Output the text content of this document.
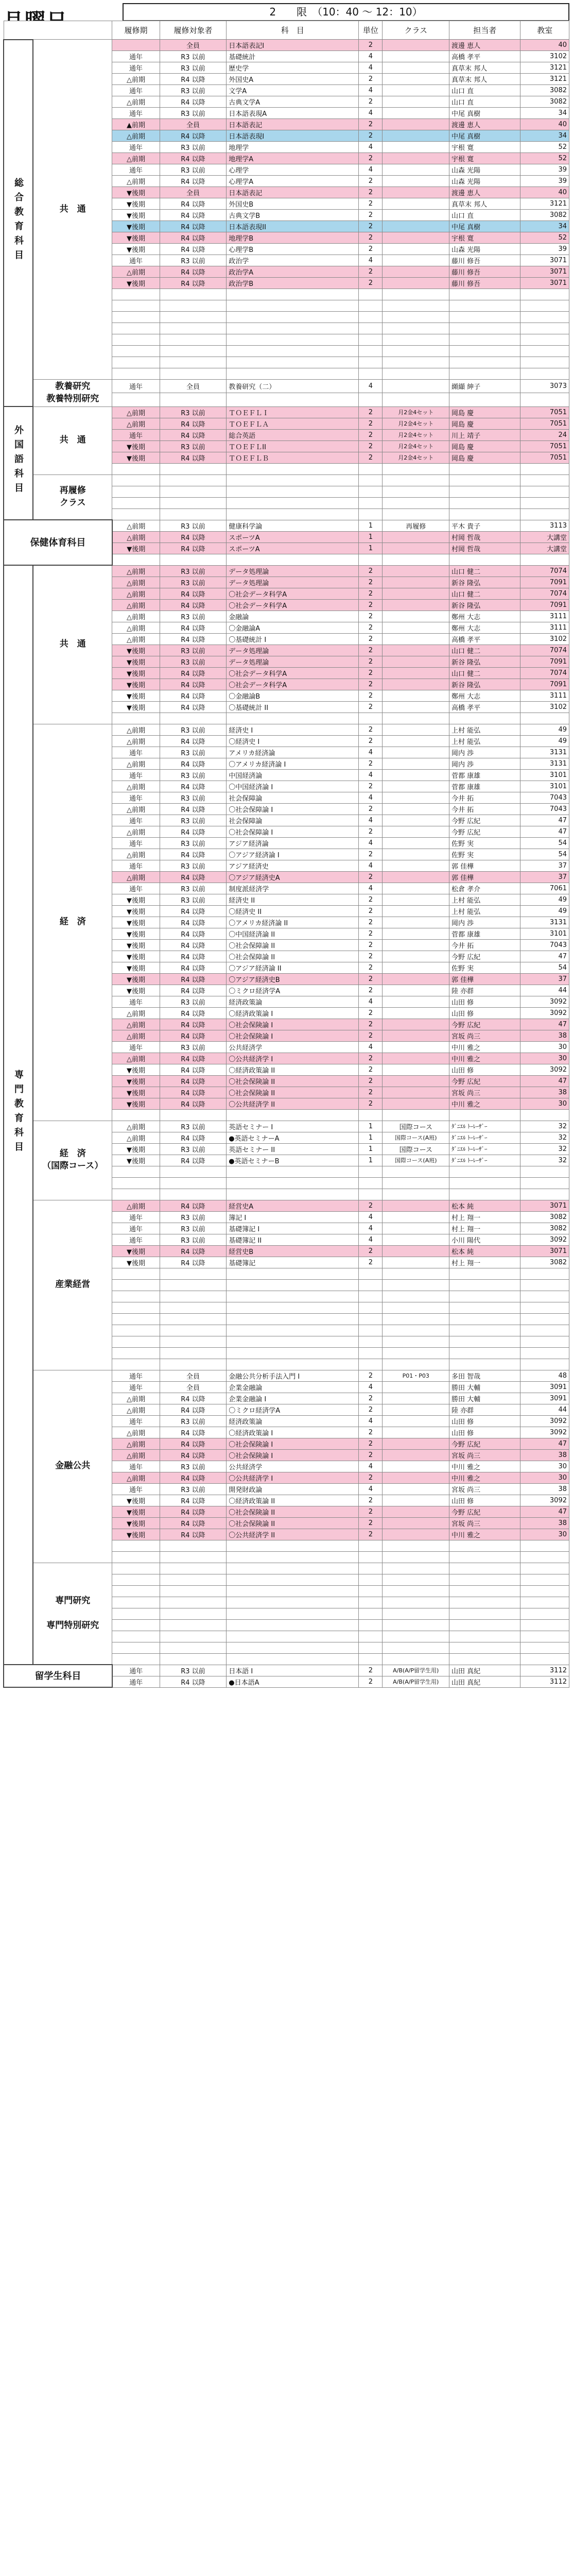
2　　限　（10：40 ～ 12：10）
		履修期	履修対象者	科　目	単位	クラス	担当者	教室
総合教育科目	共　通		全員	日本語表記I	2		渡邊 恵人	40
		通年	R3 以前	基礎統計	4		高橋 孝平	3102
		通年	R3 以前	歴史学	4		真草末 邦人	3121
		△前期	R4 以降	外国史A	2		真草末 邦人	3121
		通年	R3 以前	文学A	4		山口 直	3082
		△前期	R4 以降	古典文学A	2		山口 直	3082
		通年	R3 以前	日本語表現A	4		中尾 真樹	34
		▲前期	全員	日本語表記	2		渡邊 恵人	40
		△前期	R4 以降	日本語表現I	2		中尾 真樹	34
		通年	R3 以前	地理学	4		宇根 寛	52
		△前期	R4 以降	地理学A	2		宇根 寛	52
		通年	R3 以前	心理学	4		山森 光陽	39
		△前期	R4 以降	心理学A	2		山森 光陽	39
		▼後期	全員	日本語表記	2		渡邊 恵人	40
		▼後期	R4 以降	外国史B	2		真草末 邦人	3121
		▼後期	R4 以降	古典文学B	2		山口 直	3082
		▼後期	R4 以降	日本語表現II	2		中尾 真樹	34
		▼後期	R4 以降	地理学B	2		宇根 寛	52
		▼後期	R4 以降	心理学B	2		山森 光陽	39
		通年	R3 以前	政治学	4		藤川 修吾	3071
		△前期	R4 以降	政治学A	2		藤川 修吾	3071
		▼後期	R4 以降	政治学B	2		藤川 修吾	3071

	教養研究
教養特別研究	通年	全員	教養研究（二）	4		纐纈 紳子	3073

外国語科目	共　通	△前期	R3 以前	ＴＯＥＦＬＩ	2	月2金4セット	岡島 慶	7051
		△前期	R4 以降	ＴＯＥＦＬＡ	2	月2金4セット	岡島 慶	7051
		通年	R4 以降	総合英語	2	月2金4セット	川上 靖子	24
		▼後期	R3 以前	ＴＯＥＦＬII	2	月2金4セット	岡島 慶	7051
		▼後期	R4 以降	ＴＯＥＦＬＢ	2	月2金4セット	岡島 慶	7051

	再履修
クラス							

保健体育科目		△前期	R3 以前	健康科学論	1	再履修	平木 貴子	3113
		△前期	R4 以降	スポーツA	1		村岡 哲哉	大講堂
		▼後期	R4 以降	スポーツA	1		村岡 哲哉	大講堂

専門教育科目	共　通	△前期	R3 以前	データ処理論	2		山口 健二	7074
		△前期	R3 以前	データ処理論	2		新谷 隆弘	7091
		△前期	R4 以降	〇社会データ科学A	2		山口 健二	7074
		△前期	R4 以降	〇社会データ科学A	2		新谷 隆弘	7091
		△前期	R3 以前	金融論	2		鄭州 大志	3111
		△前期	R4 以降	〇金融論A	2		鄭州 大志	3111
		△前期	R4 以降	〇基礎統計 I	2		高橋 孝平	3102
		▼後期	R3 以前	データ処理論	2		山口 健二	7074
		▼後期	R3 以前	データ処理論	2		新谷 隆弘	7091
		▼後期	R4 以降	〇社会データ科学A	2		山口 健二	7074
		▼後期	R4 以降	〇社会データ科学A	2		新谷 隆弘	7091
		▼後期	R4 以降	〇金融論B	2		鄭州 大志	3111
		▼後期	R4 以降	〇基礎統計 II	2		高橋 孝平	3102

	経　済	△前期	R3 以前	経済史 I	2		上村 能弘	49
		△前期	R4 以降	〇経済史 I	2		上村 能弘	49
		通年	R3 以前	アメリカ経済論	4		岡内 渉	3131
		△前期	R4 以降	〇アメリカ経済論 I	2		岡内 渉	3131
		通年	R3 以前	中国経済論	4		菅都 康雄	3101
		△前期	R4 以降	〇中国経済論 I	2		菅都 康雄	3101
		通年	R3 以前	社会保障論	4		今井 拓	7043
		△前期	R4 以降	〇社会保障論 I	2		今井 拓	7043
		通年	R3 以前	社会保障論	4		今野 広紀	47
		△前期	R4 以降	〇社会保障論 I	2		今野 広紀	47
		通年	R3 以前	アジア経済論	4		佐野 実	54
		△前期	R4 以降	〇アジア経済論 I	2		佐野 実	54
		通年	R3 以前	アジア経済史	4		郭 佳樺	37
		△前期	R4 以降	〇アジア経済史A	2		郭 佳樺	37
		通年	R3 以前	制度派経済学	4		松倉 孝介	7061
		▼後期	R3 以前	経済史 II	2		上村 能弘	49
		▼後期	R4 以降	〇経済史 II	2		上村 能弘	49
		▼後期	R4 以降	〇アメリカ経済論 II	2		岡内 渉	3131
		▼後期	R4 以降	〇中国経済論 II	2		菅都 康雄	3101
		▼後期	R4 以降	〇社会保障論 II	2		今井 拓	7043
		▼後期	R4 以降	〇社会保障論 II	2		今野 広紀	47
		▼後期	R4 以降	〇アジア経済論 II	2		佐野 実	54
		▼後期	R4 以降	〇アジア経済史B	2		郭 佳樺	37
		▼後期	R4 以降	〇ミクロ経済学A	2		陸 亦群	44
		通年	R3 以前	経済政策論	4		山田 修	3092
		△前期	R4 以降	〇経済政策論 I	2		山田 修	3092
		△前期	R4 以降	〇社会保険論 I	2		今野 広紀	47
		△前期	R4 以降	〇社会保険論 I	2		宮坂 尚三	38
		通年	R3 以前	公共経済学	4		中川 雅之	30
		△前期	R4 以降	〇公共経済学 I	2		中川 雅之	30
		▼後期	R4 以降	〇経済政策論 II	2		山田 修	3092
		▼後期	R4 以降	〇社会保険論 II	2		今野 広紀	47
		▼後期	R4 以降	〇社会保険論 II	2		宮坂 尚三	38
		▼後期	R4 以降	〇公共経済学 II	2		中川 雅之	30

	経　済
（国際コース）	△前期	R3 以前	英語セミナー I	1	国際コース	ﾀﾞﾆｴﾙ ﾄｰﾚｰｻﾞｰ	32
		△前期	R4 以降	●英語セミナーA	1	国際コース(A班)	ﾀﾞﾆｴﾙ ﾄｰﾚｰｻﾞｰ	32
		▼後期	R3 以前	英語セミナー II	1	国際コース	ﾀﾞﾆｴﾙ ﾄｰﾚｰｻﾞｰ	32
		▼後期	R4 以降	●英語セミナーB	1	国際コース(A班)	ﾀﾞﾆｴﾙ ﾄｰﾚｰｻﾞｰ	32

	産業経営	△前期	R4 以降	経営史A	2		松本 純	3071
		通年	R3 以前	簿記 I	4		村上 翔一	3082
		通年	R3 以前	基礎簿記 I	4		村上 翔一	3082
		通年	R3 以前	基礎簿記 II	4		小川 陽代	3092
		▼後期	R4 以降	経営史B	2		松本 純	3071
		▼後期	R4 以降	基礎簿記	2		村上 翔一	3082

	金融公共	通年	全員	金融公共分析手法入門 I	2	P01・P03	多田 智哉	48
		通年	全員	企業金融論	4		勝田 大輔	3091
		△前期	R4 以降	企業金融論 I	2		勝田 大輔	3091
		△前期	R4 以降	〇ミクロ経済学A	2		陸 亦群	44
		通年	R3 以前	経済政策論	4		山田 修	3092
		△前期	R4 以降	〇経済政策論 I	2		山田 修	3092
		△前期	R4 以降	〇社会保険論 I	2		今野 広紀	47
		△前期	R4 以降	〇社会保険論 I	2		宮坂 尚三	38
		通年	R3 以前	公共経済学	4		中川 雅之	30
		△前期	R4 以降	〇公共経済学 I	2		中川 雅之	30
		通年	R3 以前	開発財政論	4		宮坂 尚三	38
		▼後期	R4 以降	〇経済政策論 II	2		山田 修	3092
		▼後期	R4 以降	〇社会保険論 II	2		今野 広紀	47
		▼後期	R4 以降	〇社会保険論 II	2		宮坂 尚三	38
		▼後期	R4 以降	〇公共経済学 II	2		中川 雅之	30

	専門研究

専門特別研究							

留学生科目		通年	R3 以前	日本語 I	2	A/B(A/P留学生用)	山田 真紀	3112
		通年	R4 以降	●日本語A	2	A/B(A/P留学生用)	山田 真紀	3112
